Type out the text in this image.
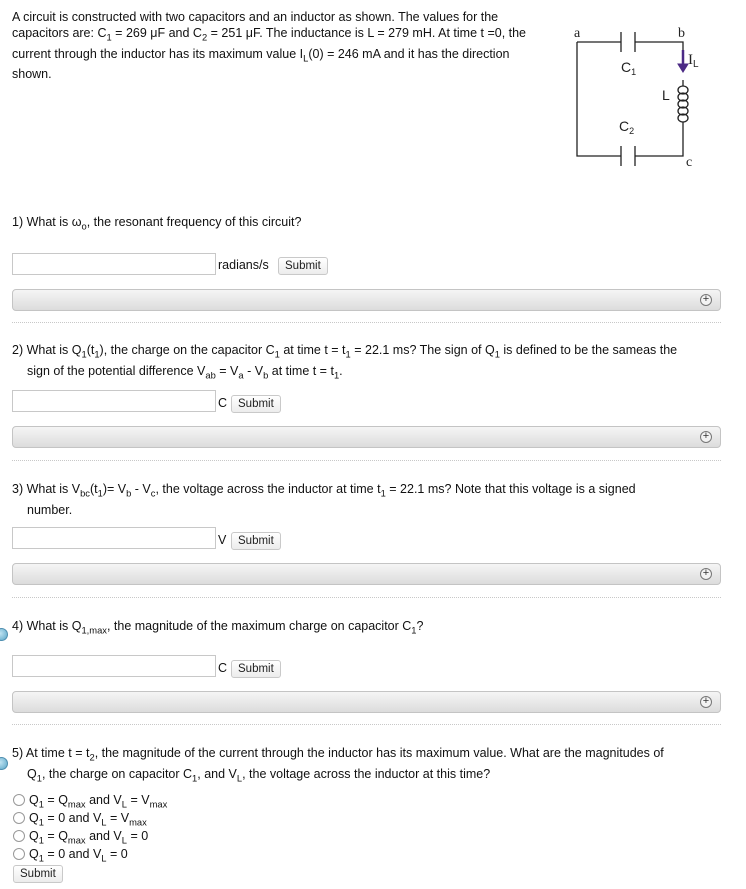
A circuit is constructed with two capacitors and an inductor as shown. The values for the capacitors are: $C_1 = 269$ μF and $C_2 = 251$ μF. The inductance is L = 279 mH. At time t =0, the current through the inductor has its maximum value $I_L(0) = 246$ mA and it has the direction shown.
a	b
c
$C_1$
$C_2$
L
$I_L$
1) What is $\omega_o$, the resonant frequency of this circuit?
radians/s	Submit
+
2) What is $Q_1(t_1)$, the charge on the capacitor $C_1$ at time $t = t_1 = 22.1$ ms? The sign of $Q_1$ is defined to be the sameas the
sign of the potential difference $V_{ab} = V_a - V_b$ at time $t = t_1$.
C Submit
+
3) What is $V_{bc}(t_1)= V_b - V_c$, the voltage across the inductor at time $t_1 = 22.1$ ms? Note that this voltage is a signed
number.
V	Submit
+
4) What is $Q_{1,max}$, the magnitude of the maximum charge on capacitor $C_1$?
C Submit
+
5) At time $t = t_2$, the magnitude of the current through the inductor has its maximum value. What are the magnitudes of
$Q_1$, the charge on capacitor $C_1$, and $V_L$, the voltage across the inductor at this time?
$Q_1 = Q_{max}$ and $V_L = V_{max}$
$Q_1 = 0$ and $V_L = V_{max}$
$Q_1 = Q_{max}$ and $V_L = 0$
$Q_1 = 0$ and $V_L = 0$
Submit
